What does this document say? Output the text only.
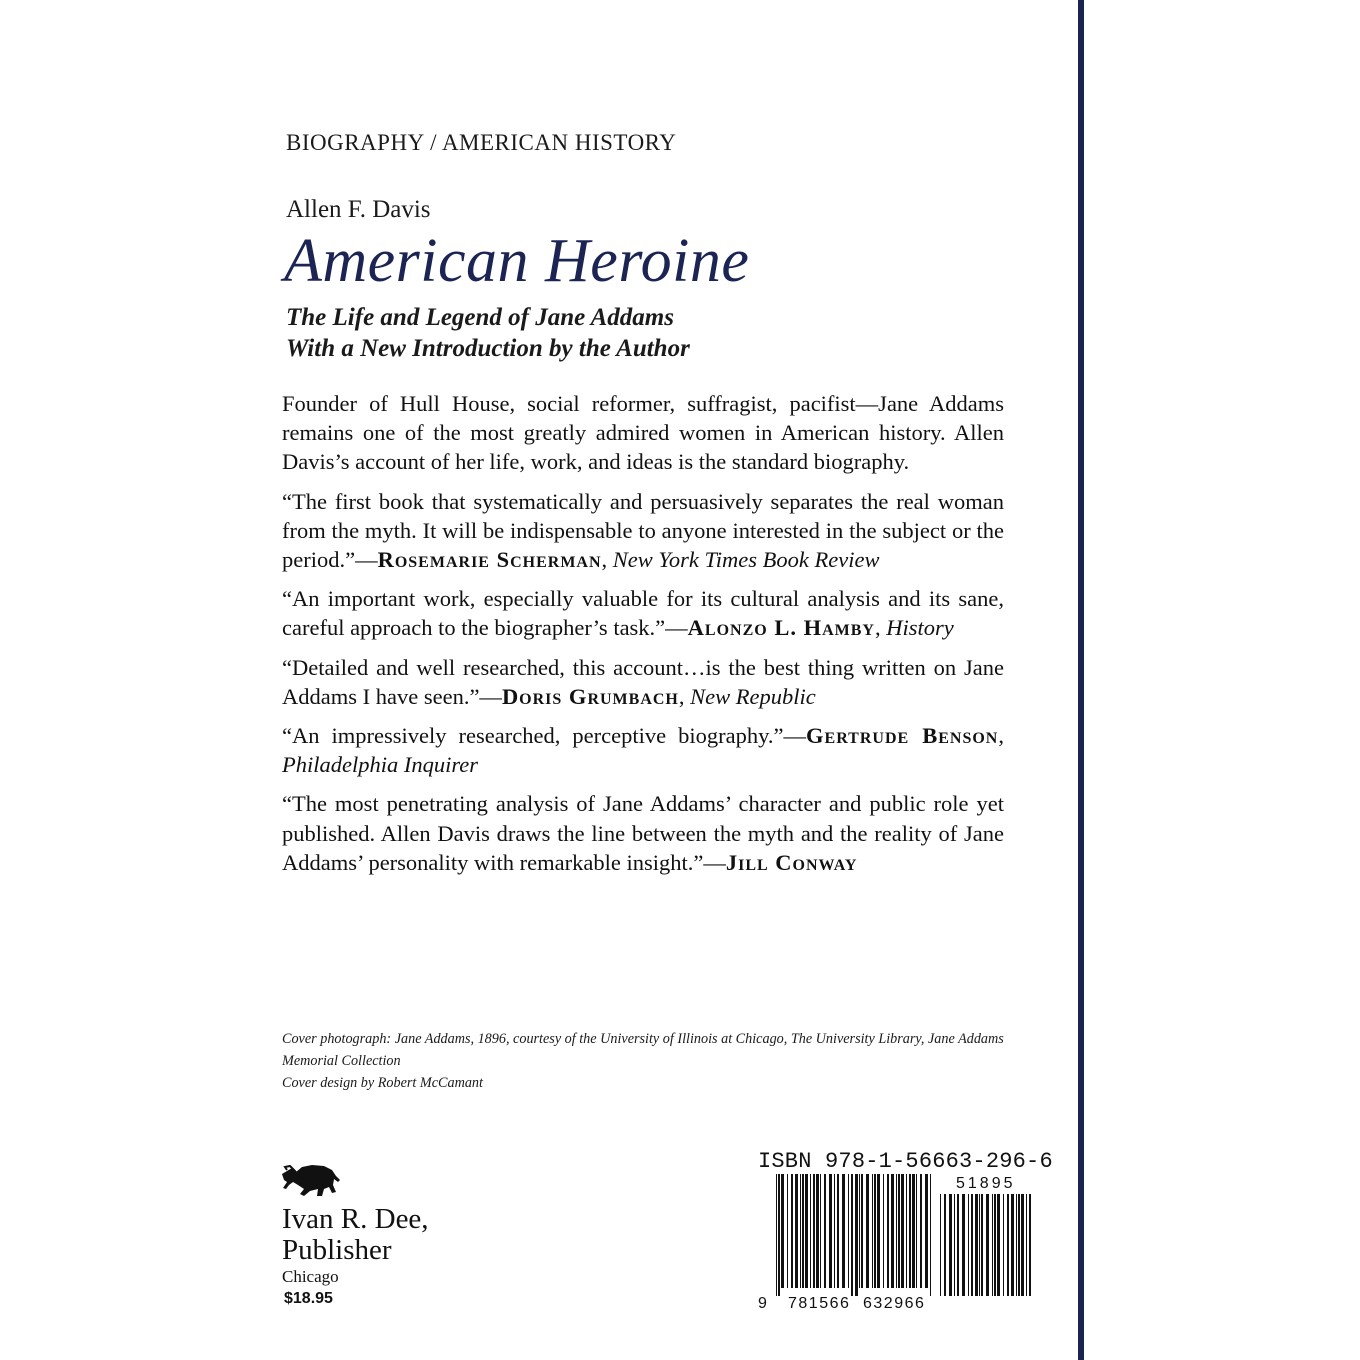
BIOGRAPHY / AMERICAN HISTORY
Allen F. Davis
American Heroine
The Life and Legend of Jane Addams
With a New Introduction by the Author

Founder of Hull House, social reformer, suffragist, pacifist—Jane Addams remains one of the most greatly admired women in American history. Allen Davis’s account of her life, work, and ideas is the standard biography.

“The first book that systematically and persuasively separates the real woman from the myth. It will be indispensable to anyone interested in the subject or the period.”—Rosemarie Scherman, New York Times Book Review

“An important work, especially valuable for its cultural analysis and its sane, careful approach to the biographer’s task.”—Alonzo L. Hamby, History

“Detailed and well researched, this account…is the best thing written on Jane Addams I have seen.”—Doris Grumbach, New Republic

“An impressively researched, perceptive biography.”—Gertrude Benson, Philadelphia Inquirer

“The most penetrating analysis of Jane Addams’ character and public role yet published. Allen Davis draws the line between the myth and the reality of Jane Addams’ personality with remarkable insight.”—Jill Conway

Cover photograph: Jane Addams, 1896, courtesy of the University of Illinois at Chicago, The University Library, Jane Addams Memorial Collection
Cover design by Robert McCamant
Ivan R. Dee,
Publisher
Chicago
$18.95
ISBN 978-1-56663-296-6
9 781566 632966
51895
